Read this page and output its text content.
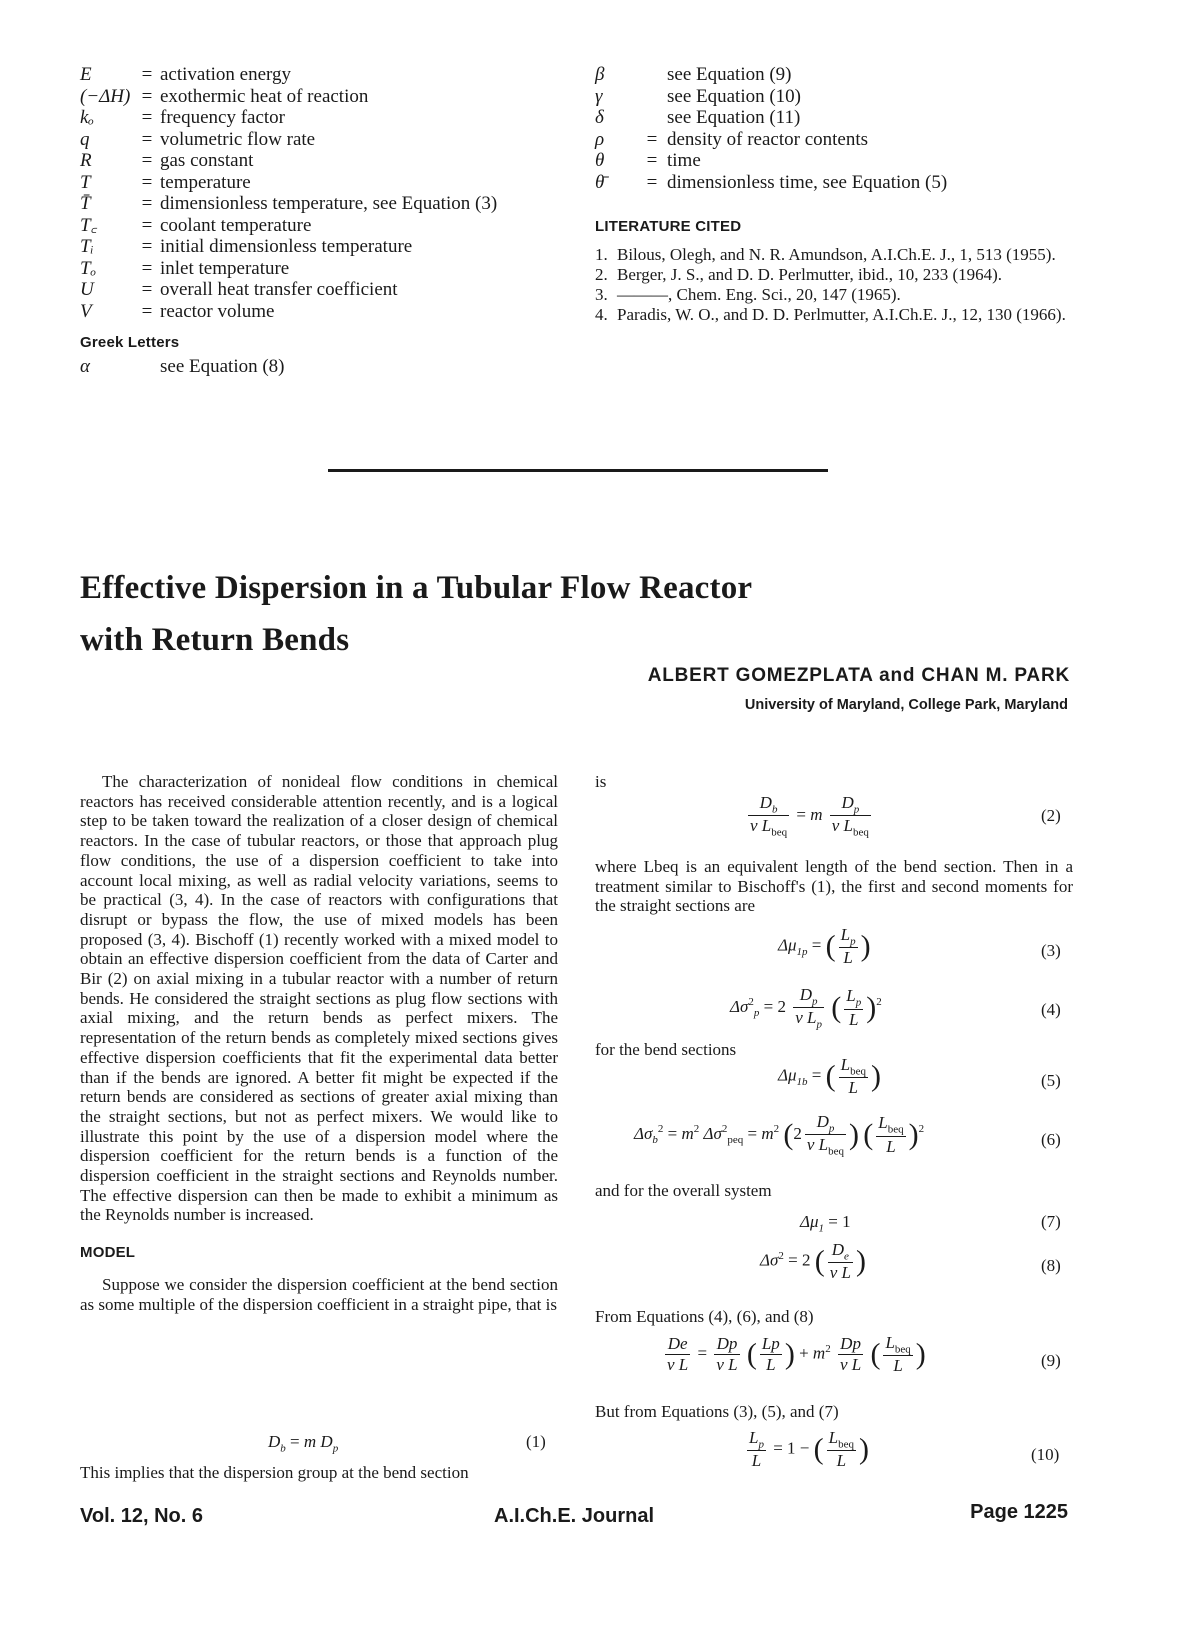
E	= activation energy
(−ΔH) = exothermic heat of reaction
kₒ	= frequency factor
q	= volumetric flow rate
R	= gas constant
T	= temperature
T̄	= dimensionless temperature, see Equation (3)
T꜀	= coolant temperature
Tᵢ	= initial dimensionless temperature
Tₒ	= inlet temperature
U	= overall heat transfer coefficient
V	= reactor volume
Greek Letters
α	see Equation (8)
β	see Equation (9)
γ	see Equation (10)
δ	see Equation (11)
ρ	= density of reactor contents
θ	= time
θ̄	= dimensionless time, see Equation (5)
LITERATURE CITED
1. Bilous, Olegh, and N. R. Amundson, A.I.Ch.E. J., 1, 513 (1955).
2. Berger, J. S., and D. D. Perlmutter, ibid., 10, 233 (1964).
3. ———, Chem. Eng. Sci., 20, 147 (1965).
4. Paradis, W. O., and D. D. Perlmutter, A.I.Ch.E. J., 12, 130 (1966).
Effective Dispersion in a Tubular Flow Reactor
with Return Bends
ALBERT GOMEZPLATA and CHAN M. PARK
University of Maryland, College Park, Maryland

The characterization of nonideal flow conditions in chemical reactors has received considerable attention recently, and is a logical step to be taken toward the realization of a closer design of chemical reactors. In the case of tubular reactors, or those that approach plug flow conditions, the use of a dispersion coefficient to take into account local mixing, as well as radial velocity variations, seems to be practical (3, 4). In the case of reactors with configurations that disrupt or bypass the flow, the use of mixed models has been proposed (3, 4). Bischoff (1) recently worked with a mixed model to obtain an effective dispersion coefficient from the data of Carter and Bir (2) on axial mixing in a tubular reactor with a number of return bends. He considered the straight sections as plug flow sections with axial mixing, and the return bends as perfect mixers. The representation of the return bends as completely mixed sections gives effective dispersion coefficients that fit the experimental data better than if the bends are ignored. A better fit might be expected if the return bends are considered as sections of greater axial mixing than the straight sections, but not as perfect mixers. We would like to illustrate this point by the use of a dispersion model where the dispersion coefficient for the return bends is a function of the dispersion coefficient in the straight sections and Reynolds number. The effective dispersion can then be made to exhibit a minimum as the Reynolds number is increased.

MODEL

Suppose we consider the dispersion coefficient at the bend section as some multiple of the dispersion coefficient in a straight pipe, that is

$D_b = m$ $D_p$	(1)
This implies that the dispersion group at the bend section
is
$\frac{D_b}{v L_{beq}} = m \frac{D_p}{v L_{beq}}$	(2)
where Lbeq is an equivalent length of the bend section. Then in a treatment similar to Bischoff's (1), the first and second moments for the straight sections are
$\Delta\mu_{1p}$ = ( $\frac{L_p}{L}$ )	(3)
$\Delta\sigma^2_p = 2 \frac{D_p}{v L_p}$ ( $\frac{L_p}{L} )^2$	(4)
for the bend sections
$\Delta\mu_{1b}$ = ( $\frac{L_{beq}}{L}$ )	(5)
$\Delta\sigma_b^2 = m^2$ $\Delta\sigma^2_{peq} = m^2$ ($2 \frac{D_p}{v L_{beq}}$ ) ( $\frac{L_{beq}}{L} )^2$
(6)
and for the overall system
$\Delta\mu_1 = 1$	(7)
$\Delta\sigma^2 = 2$ ( $\frac{D_e}{\text{v L}}$ )	(8)
From Equations (4), (6), and (8)
$\frac{De}{\text{v L}} = \frac{Dp}{\text{v L}}$ ( $\frac{Lp}{L}$ ) + $m^2 \frac{Dp}{\text{v L}}$ ( $\frac{L_{beq}}{L}$ )	(9)
But from Equations (3), (5), and (7)
$\frac{L_p}{L} = 1$ − ( $\frac{L_{beq}}{L}$ )	(10)
Vol. 12, No. 6	A.I.Ch.E. Journal	Page 1225
